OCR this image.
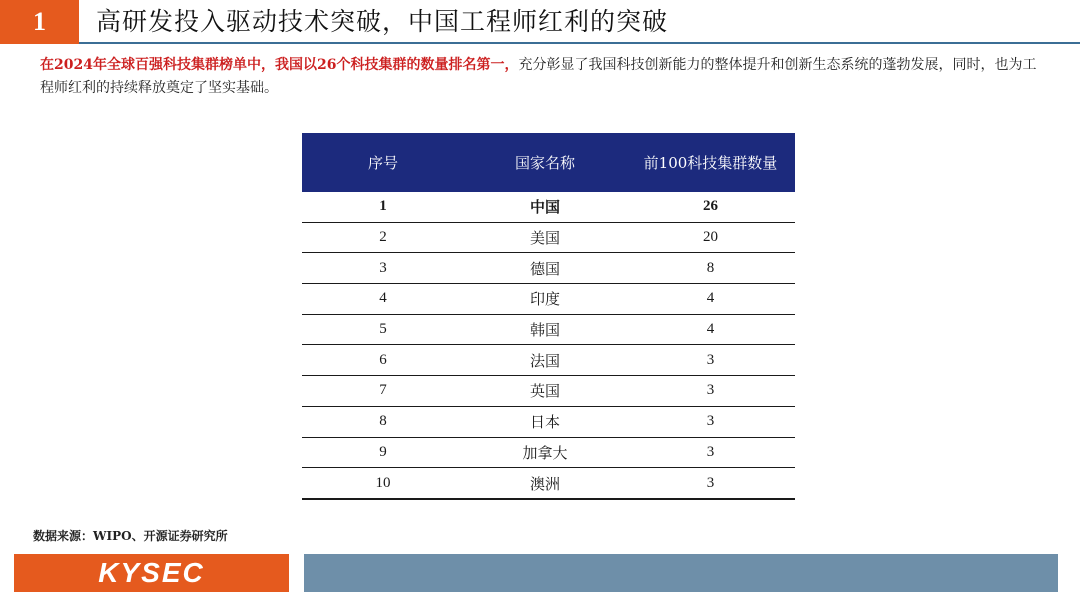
1	高研发投入驱动技术突破，中国工程师红利的突破
在2024年全球百强科技集群榜单中，我国以26个科技集群的数量排名第一，充分彰显了我国科技创新能力的整体提升和创新生态系统的蓬勃发展，同时，也为工程师红利的持续释放奠定了坚实基础。
序号	国家名称	前100科技集群数量
1	中国	26
2	美国	20
3	德国	8
4	印度	4
5	韩国	4
6	法国	3
7	英国	3
8	日本	3
9	加拿大	3
10	澳洲	3
数据来源：WIPO、开源证券研究所
KYSEC
